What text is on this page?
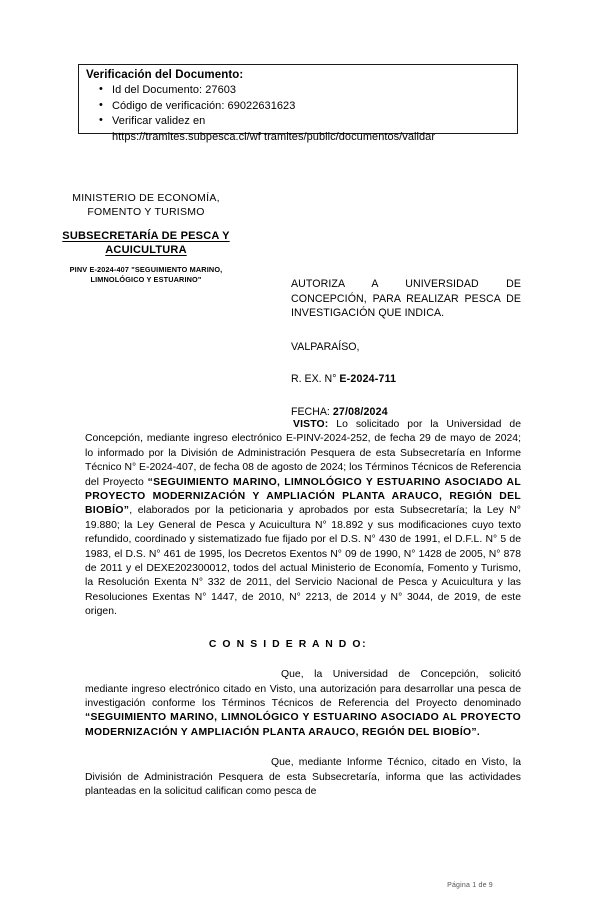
Verificación del Documento:
• Id del Documento: 27603
• Código de verificación: 69022631623
• Verificar validez en
https://tramites.subpesca.cl/wf tramites/public/documentos/validar
MINISTERIO DE ECONOMÍA,
FOMENTO Y TURISMO
SUBSECRETARÍA DE PESCA Y
ACUICULTURA
PINV E-2024-407 "SEGUIMIENTO MARINO,
LIMNOLÓGICO Y ESTUARINO"	AUTORIZA A UNIVERSIDAD DE CONCEPCIÓN, PARA REALIZAR PESCA DE INVESTIGACIÓN QUE INDICA.
VALPARAÍSO,
R. EX. N° E-2024-711
FECHA: 27/08/2024

VISTO: Lo solicitado por la Universidad de Concepción, mediante ingreso electrónico E-PINV-2024-252, de fecha 29 de mayo de 2024; lo informado por la División de Administración Pesquera de esta Subsecretaría en Informe Técnico N° E-2024-407, de fecha 08 de agosto de 2024; los Términos Técnicos de Referencia del Proyecto “SEGUIMIENTO MARINO, LIMNOLÓGICO Y ESTUARINO ASOCIADO AL PROYECTO MODERNIZACIÓN Y AMPLIACIÓN PLANTA ARAUCO, REGIÓN DEL BIOBÍO”, elaborados por la peticionaria y aprobados por esta Subsecretaría; la Ley N° 19.880; la Ley General de Pesca y Acuicultura N° 18.892 y sus modificaciones cuyo texto refundido, coordinado y sistematizado fue fijado por el D.S. N° 430 de 1991, el D.F.L. N° 5 de 1983, el D.S. N° 461 de 1995, los Decretos Exentos N° 09 de 1990, N° 1428 de 2005, N° 878 de 2011 y el DEXE202300012, todos del actual Ministerio de Economía, Fomento y Turismo, la Resolución Exenta N° 332 de 2011, del Servicio Nacional de Pesca y Acuicultura y las Resoluciones Exentas N° 1447, de 2010, N° 2213, de 2014 y N° 3044, de 2019, de este origen.

C O N S I D E R A N D O:

Que, la Universidad de Concepción, solicitó mediante ingreso electrónico citado en Visto, una autorización para desarrollar una pesca de investigación conforme los Términos Técnicos de Referencia del Proyecto denominado “SEGUIMIENTO MARINO, LIMNOLÓGICO Y ESTUARINO ASOCIADO AL PROYECTO MODERNIZACIÓN Y AMPLIACIÓN PLANTA ARAUCO, REGIÓN DEL BIOBÍO”.

Que, mediante Informe Técnico, citado en Visto, la División de Administración Pesquera de esta Subsecretaría, informa que las actividades planteadas en la solicitud califican como pesca de

Página 1 de 9
